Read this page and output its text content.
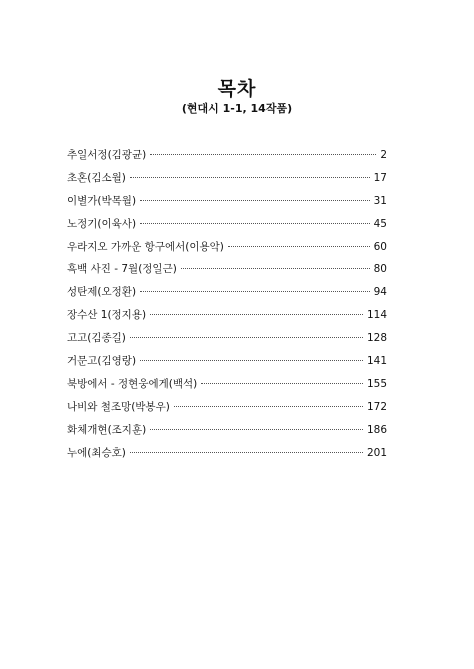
목차
(현대시 1-1, 14작품)
추일서정(김광균)	2
초혼(김소월)	17
이별가(박목월)	31
노정기(이육사)	45
우라지오 가까운 항구에서(이용악)	60
흑백 사진 - 7월(정일근)	80
성탄제(오정환)	94
장수산 1(정지용)	114
고고(김종길)	128
거문고(김영랑)	141
북방에서 - 정현웅에게(백석)	155
나비와 철조망(박봉우)	172
화체개현(조지훈)	186
누에(최승호)	201
